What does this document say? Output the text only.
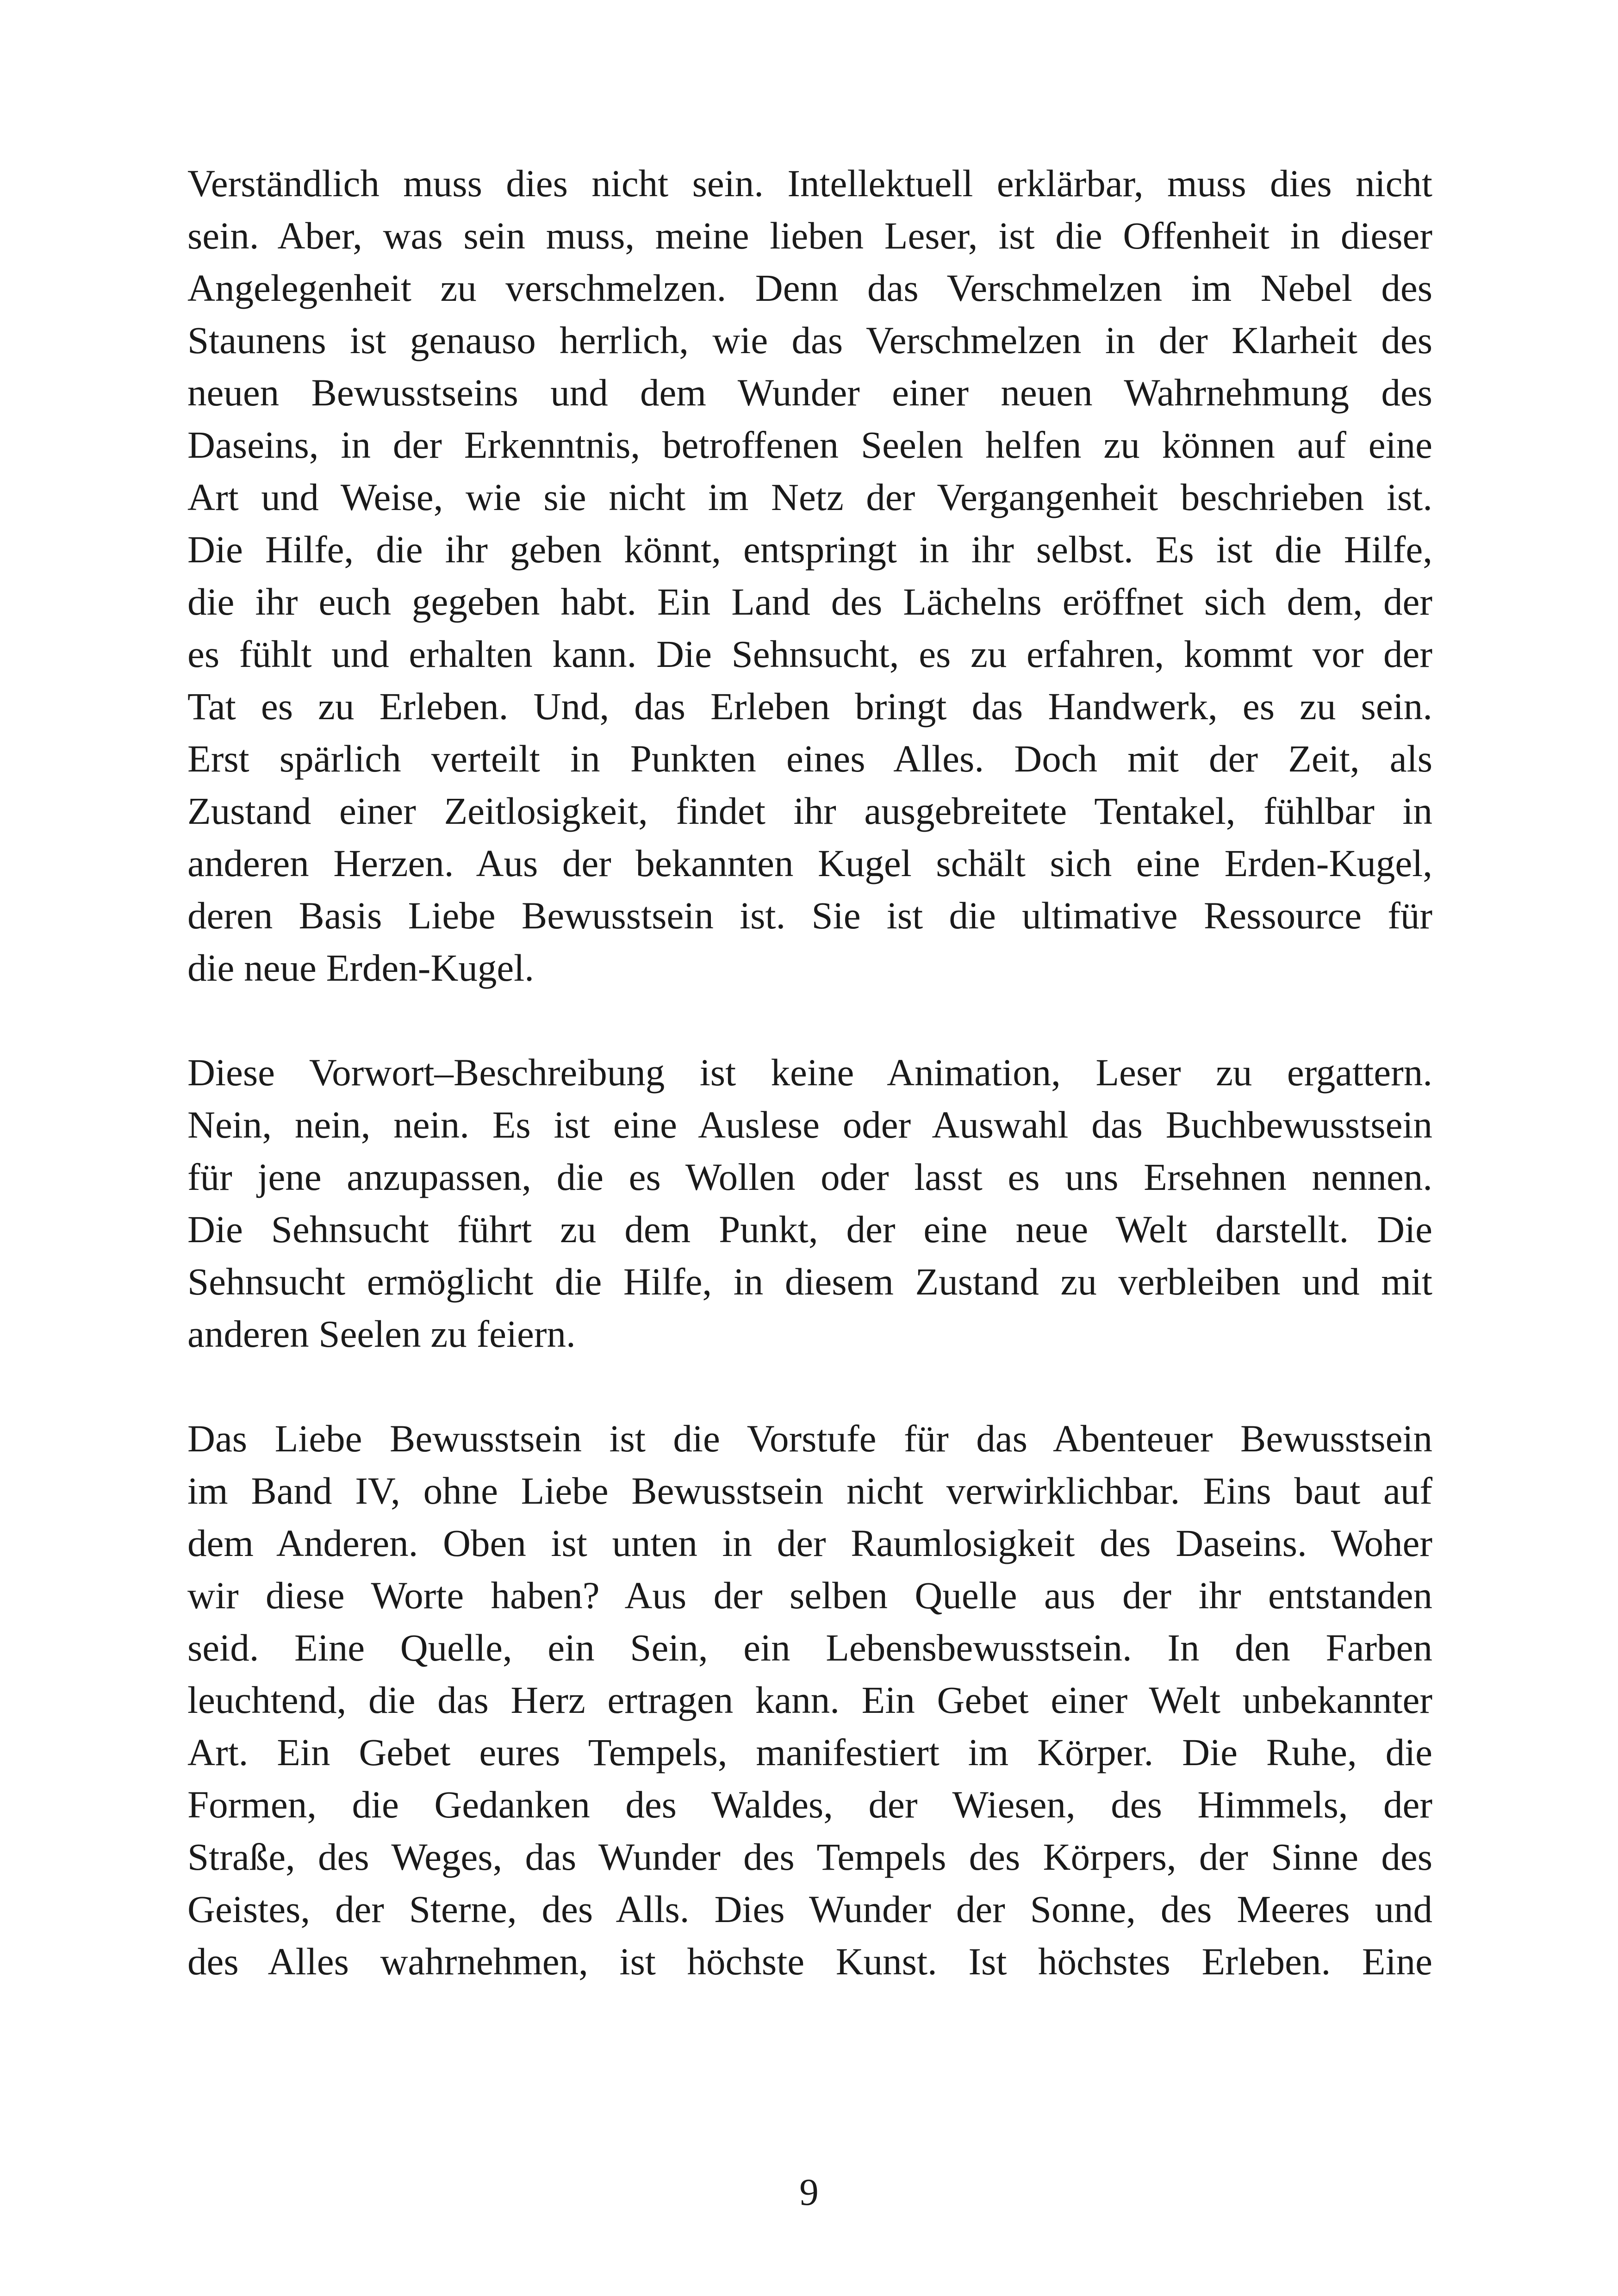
Verständlich muss dies nicht sein. Intellektuell erklärbar, muss dies nicht
sein. Aber, was sein muss, meine lieben Leser, ist die Offenheit in dieser
Angelegenheit zu verschmelzen. Denn das Verschmelzen im Nebel des
Staunens ist genauso herrlich, wie das Verschmelzen in der Klarheit des
neuen Bewusstseins und dem Wunder einer neuen Wahrnehmung des
Daseins, in der Erkenntnis, betroffenen Seelen helfen zu können auf eine
Art und Weise, wie sie nicht im Netz der Vergangenheit beschrieben ist.
Die Hilfe, die ihr geben könnt, entspringt in ihr selbst. Es ist die Hilfe,
die ihr euch gegeben habt. Ein Land des Lächelns eröffnet sich dem, der
es fühlt und erhalten kann. Die Sehnsucht, es zu erfahren, kommt vor der
Tat es zu Erleben. Und, das Erleben bringt das Handwerk, es zu sein.
Erst spärlich verteilt in Punkten eines Alles. Doch mit der Zeit, als
Zustand einer Zeitlosigkeit, findet ihr ausgebreitete Tentakel, fühlbar in
anderen Herzen. Aus der bekannten Kugel schält sich eine Erden-Kugel,
deren Basis Liebe Bewusstsein ist. Sie ist die ultimative Ressource für
die neue Erden-Kugel.
Diese Vorwort–Beschreibung ist keine Animation, Leser zu ergattern.
Nein, nein, nein. Es ist eine Auslese oder Auswahl das Buchbewusstsein
für jene anzupassen, die es Wollen oder lasst es uns Ersehnen nennen.
Die Sehnsucht führt zu dem Punkt, der eine neue Welt darstellt. Die
Sehnsucht ermöglicht die Hilfe, in diesem Zustand zu verbleiben und mit
anderen Seelen zu feiern.
Das Liebe Bewusstsein ist die Vorstufe für das Abenteuer Bewusstsein
im Band IV, ohne Liebe Bewusstsein nicht verwirklichbar. Eins baut auf
dem Anderen. Oben ist unten in der Raumlosigkeit des Daseins. Woher
wir diese Worte haben? Aus der selben Quelle aus der ihr entstanden
seid. Eine Quelle, ein Sein, ein Lebensbewusstsein. In den Farben
leuchtend, die das Herz ertragen kann. Ein Gebet einer Welt unbekannter
Art. Ein Gebet eures Tempels, manifestiert im Körper. Die Ruhe, die
Formen, die Gedanken des Waldes, der Wiesen, des Himmels, der
Straße, des Weges, das Wunder des Tempels des Körpers, der Sinne des
Geistes, der Sterne, des Alls. Dies Wunder der Sonne, des Meeres und
des Alles wahrnehmen, ist höchste Kunst. Ist höchstes Erleben. Eine
9
